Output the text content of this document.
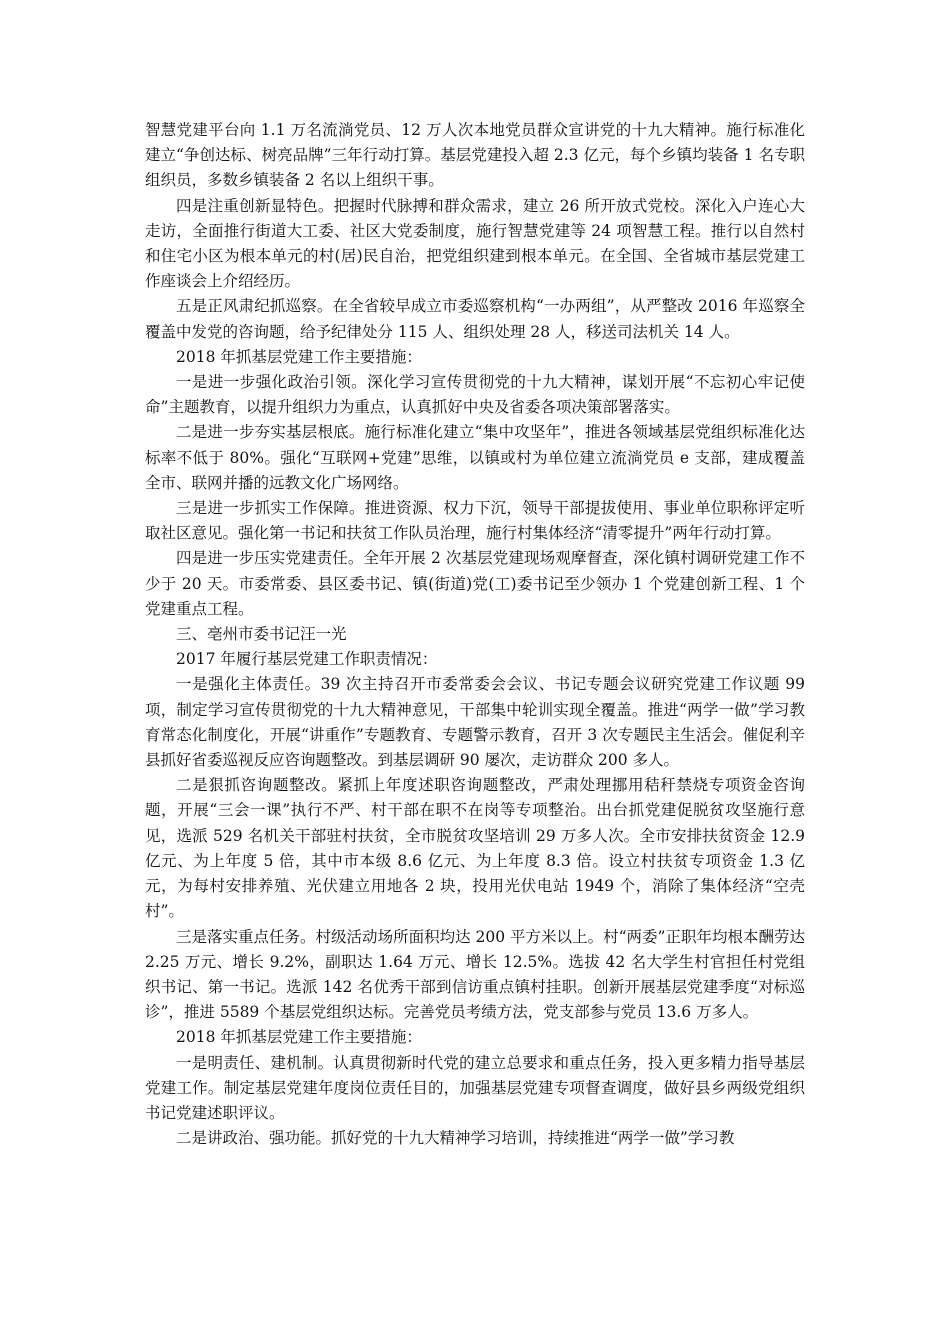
智慧党建平台向 1.1 万名流淌党员、12 万人次本地党员群众宣讲党的十九大精神。施行标准化建立“争创达标、树亮品牌”三年行动打算。基层党建投入超 2.3 亿元，每个乡镇均装备 1 名专职组织员，多数乡镇装备 2 名以上组织干事。

四是注重创新显特色。把握时代脉搏和群众需求，建立 26 所开放式党校。深化入户连心大走访，全面推行街道大工委、社区大党委制度，施行智慧党建等 24 项智慧工程。推行以自然村和住宅小区为根本单元的村(居)民自治，把党组织建到根本单元。在全国、全省城市基层党建工作座谈会上介绍经历。

五是正风肃纪抓巡察。在全省较早成立市委巡察机构“一办两组”，从严整改 2016 年巡察全覆盖中发党的咨询题，给予纪律处分 115 人、组织处理 28 人，移送司法机关 14 人。

2018 年抓基层党建工作主要措施：

一是进一步强化政治引领。深化学习宣传贯彻党的十九大精神，谋划开展“不忘初心牢记使命”主题教育，以提升组织力为重点，认真抓好中央及省委各项决策部署落实。

二是进一步夯实基层根底。施行标准化建立“集中攻坚年”，推进各领域基层党组织标准化达标率不低于 80%。强化“互联网+党建”思维，以镇或村为单位建立流淌党员 e 支部，建成覆盖全市、联网并播的远教文化广场网络。

三是进一步抓实工作保障。推进资源、权力下沉，领导干部提拔使用、事业单位职称评定听取社区意见。强化第一书记和扶贫工作队员治理，施行村集体经济“清零提升”两年行动打算。

四是进一步压实党建责任。全年开展 2 次基层党建现场观摩督查，深化镇村调研党建工作不少于 20 天。市委常委、县区委书记、镇(街道)党(工)委书记至少领办 1 个党建创新工程、1 个党建重点工程。

三、亳州市委书记汪一光

2017 年履行基层党建工作职责情况：

一是强化主体责任。39 次主持召开市委常委会会议、书记专题会议研究党建工作议题 99 项，制定学习宣传贯彻党的十九大精神意见，干部集中轮训实现全覆盖。推进“两学一做”学习教育常态化制度化，开展“讲重作”专题教育、专题警示教育，召开 3 次专题民主生活会。催促利辛县抓好省委巡视反应咨询题整改。到基层调研 90 屡次，走访群众 200 多人。

二是狠抓咨询题整改。紧抓上年度述职咨询题整改，严肃处理挪用秸秆禁烧专项资金咨询题，开展“三会一课”执行不严、村干部在职不在岗等专项整治。出台抓党建促脱贫攻坚施行意见，选派 529 名机关干部驻村扶贫，全市脱贫攻坚培训 29 万多人次。全市安排扶贫资金 12.9 亿元、为上年度 5 倍，其中市本级 8.6 亿元、为上年度 8.3 倍。设立村扶贫专项资金 1.3 亿元，为每村安排养殖、光伏建立用地各 2 块，投用光伏电站 1949 个，消除了集体经济“空壳村”。

三是落实重点任务。村级活动场所面积均达 200 平方米以上。村“两委”正职年均根本酬劳达 2.25 万元、增长 9.2%，副职达 1.64 万元、增长 12.5%。选拔 42 名大学生村官担任村党组织书记、第一书记。选派 142 名优秀干部到信访重点镇村挂职。创新开展基层党建季度“对标巡诊”，推进 5589 个基层党组织达标。完善党员考绩方法，党支部参与党员 13.6 万多人。

2018 年抓基层党建工作主要措施：

一是明责任、建机制。认真贯彻新时代党的建立总要求和重点任务，投入更多精力指导基层党建工作。制定基层党建年度岗位责任目的，加强基层党建专项督查调度，做好县乡两级党组织书记党建述职评议。

二是讲政治、强功能。抓好党的十九大精神学习培训，持续推进“两学一做”学习教
